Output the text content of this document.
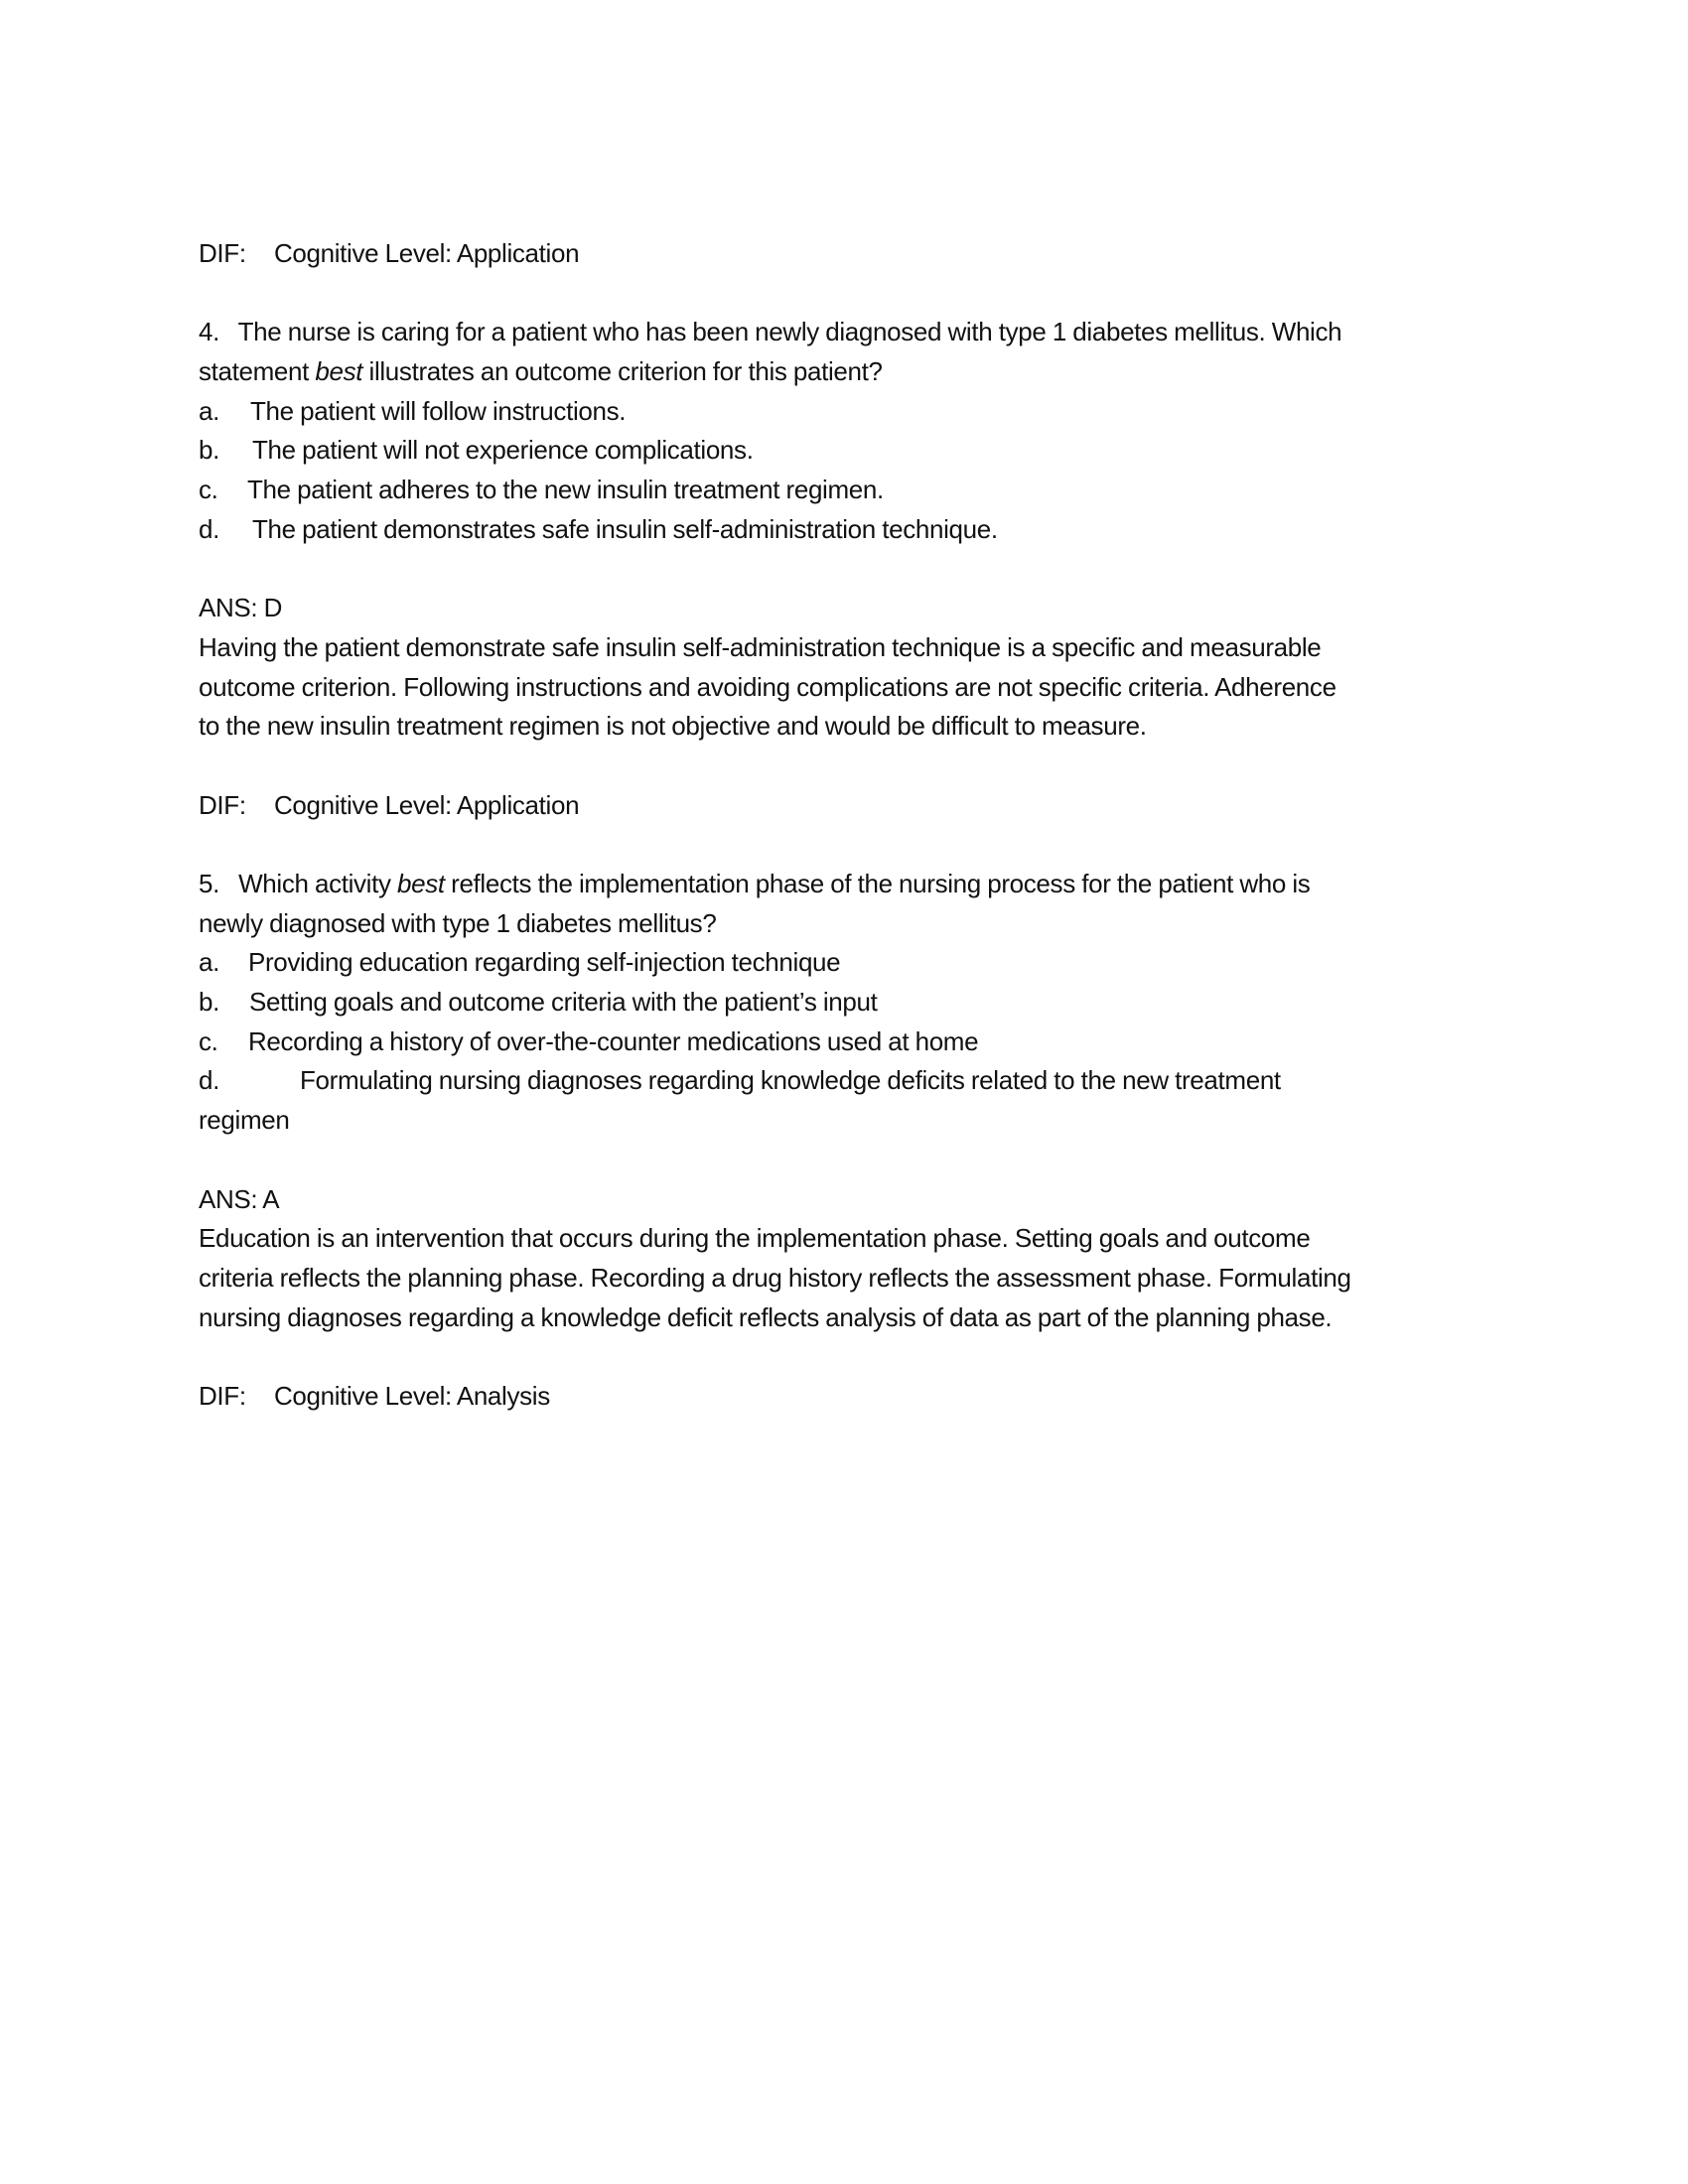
DIF: Cognitive Level: Application
4. The nurse is caring for a patient who has been newly diagnosed with type 1 diabetes mellitus. Which
statement best illustrates an outcome criterion for this patient?
a. The patient will follow instructions.
b. The patient will not experience complications.
c. The patient adheres to the new insulin treatment regimen.
d. The patient demonstrates safe insulin self-administration technique.
ANS: D
Having the patient demonstrate safe insulin self-administration technique is a specific and measurable
outcome criterion. Following instructions and avoiding complications are not specific criteria. Adherence
to the new insulin treatment regimen is not objective and would be difficult to measure.
DIF: Cognitive Level: Application
5. Which activity best reflects the implementation phase of the nursing process for the patient who is
newly diagnosed with type 1 diabetes mellitus?
a. Providing education regarding self-injection technique
b. Setting goals and outcome criteria with the patient’s input
c. Recording a history of over-the-counter medications used at home
d.	Formulating nursing diagnoses regarding knowledge deficits related to the new treatment
regimen
ANS: A
Education is an intervention that occurs during the implementation phase. Setting goals and outcome
criteria reflects the planning phase. Recording a drug history reflects the assessment phase. Formulating
nursing diagnoses regarding a knowledge deficit reflects analysis of data as part of the planning phase.
DIF: Cognitive Level: Analysis
